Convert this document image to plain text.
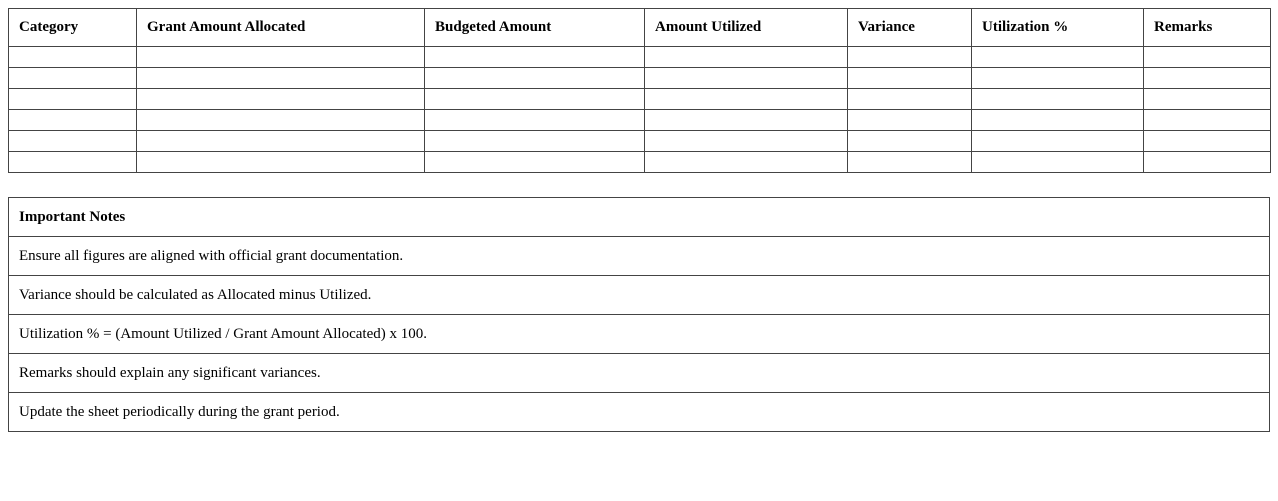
Category	Grant Amount Allocated	Budgeted Amount	Amount Utilized	Variance	Utilization %	Remarks

Important Notes
Ensure all figures are aligned with official grant documentation.
Variance should be calculated as Allocated minus Utilized.
Utilization % = (Amount Utilized / Grant Amount Allocated) x 100.
Remarks should explain any significant variances.
Update the sheet periodically during the grant period.
